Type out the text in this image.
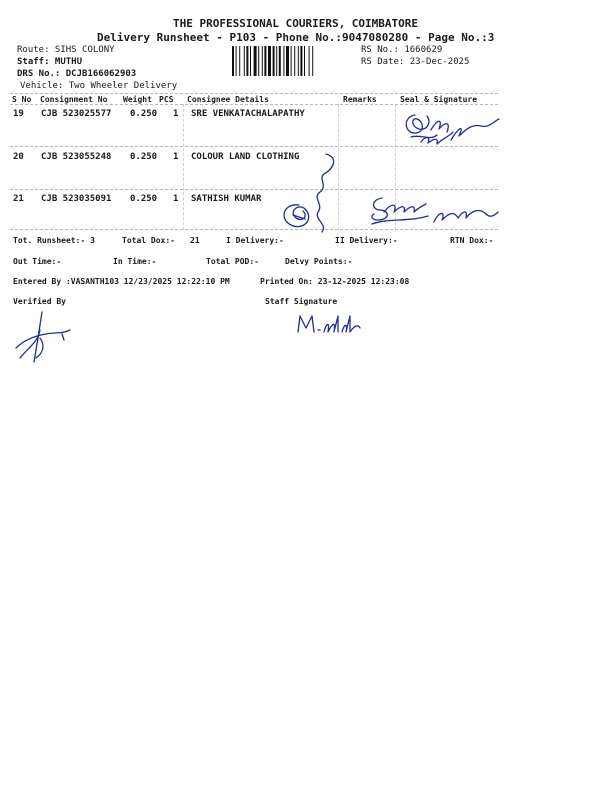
THE PROFESSIONAL COURIERS, COIMBATORE
Delivery Runsheet - P103 - Phone No.:9047080280 - Page No.:3
Route: SIHS COLONY
Staff: MUTHU
DRS No.: DCJB166062903
Vehicle: Two Wheeler Delivery
RS No.: 1660629
RS Date: 23-Dec-2025
S No Consignment No Weight PCS Consignee Details	Remarks	Seal & Signature
19 CJB 523025577 0.250 1 SRE VENKATACHALAPATHY
20 CJB 523055248 0.250 1 COLOUR LAND CLOTHING
21 CJB 523035091 0.250 1 SATHISH KUMAR
Tot. Runsheet:- 3	Total Dox:- 21	I Delivery:-	II Delivery:-	RTN Dox:-
Out Time:-	In Time:-	Total POD:-	Delvy Points:-
Entered By :VASANTH103 12/23/2025 12:22:10 PM	Printed On: 23-12-2025 12:23:08
Verified By	Staff Signature
